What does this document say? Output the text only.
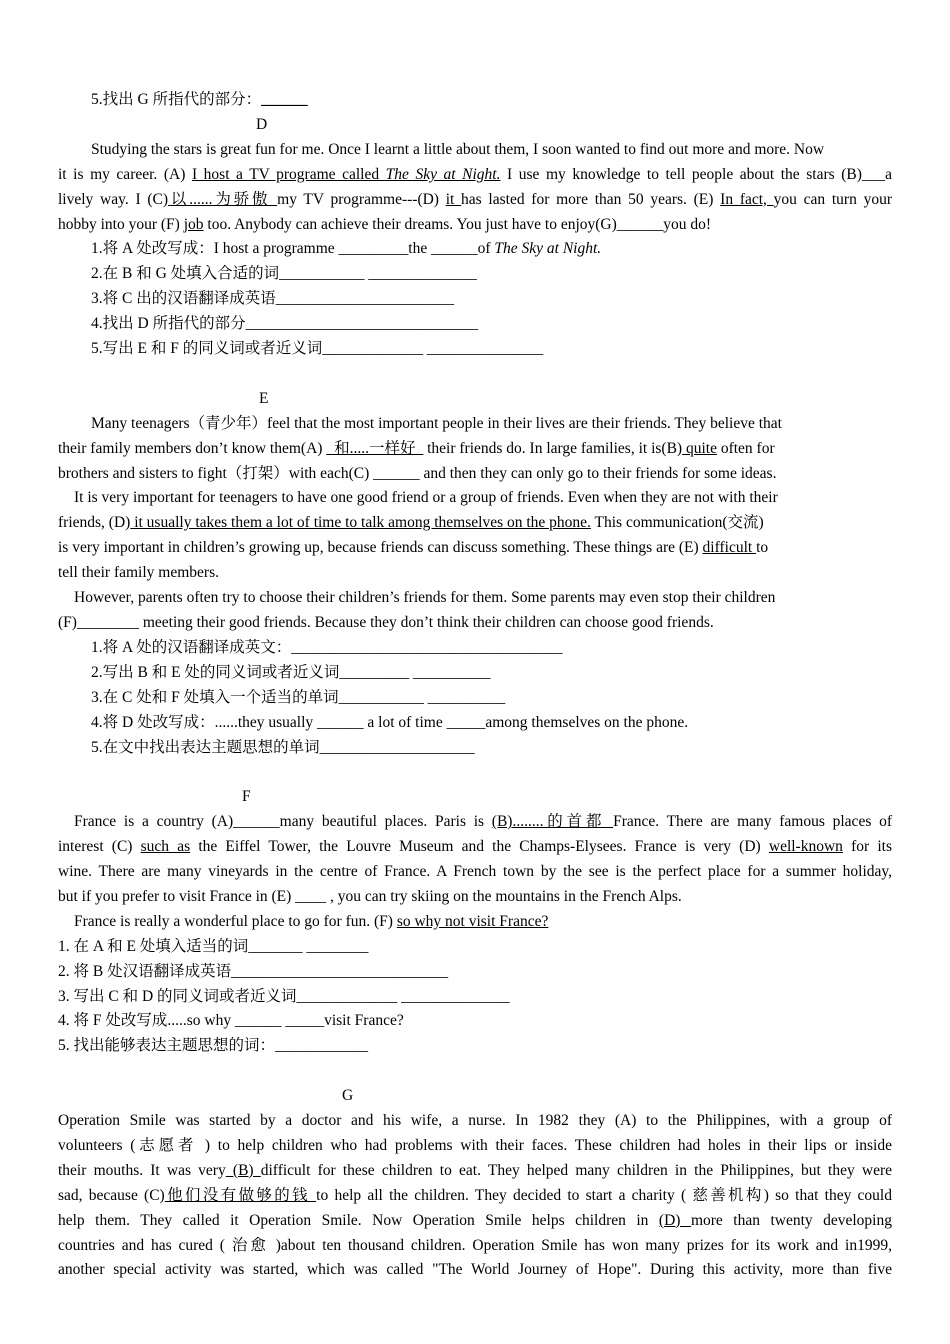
5.找出 G 所指代的部分：______
D
Studying the stars is great fun for me. Once I learnt a little about them, I soon wanted to find out more and more. Now
it is my career. (A) I host a TV programe called The Sky at Night. I use my knowledge to tell people about the stars (B)___a
lively way. I (C)以......为骄傲 my TV programme---(D) it has lasted for more than 50 years. (E) In fact, you can turn your
hobby into your (F) job too. Anybody can achieve their dreams. You just have to enjoy(G)______you do!
1.将 A 处改写成：I host a programme _________the ______of The Sky at Night.
2.在 B 和 G 处填入合适的词___________ ______________
3.将 C 出的汉语翻译成英语_______________________
4.找出 D 所指代的部分______________________________
5.写出 E 和 F 的同义词或者近义词_____________ _______________
E
Many teenagers（青少年）feel that the most important people in their lives are their friends. They believe that
their family members don’t know them(A) _和.....一样好_ their friends do. In large families, it is(B) quite often for
brothers and sisters to fight（打架）with each(C) ______ and then they can only go to their friends for some ideas.
It is very important for teenagers to have one good friend or a group of friends. Even when they are not with their
friends, (D) it usually takes them a lot of time to talk among themselves on the phone. This communication(交流)
is very important in children’s growing up, because friends can discuss something. These things are (E) difficult to
tell their family members.
However, parents often try to choose their children’s friends for them. Some parents may even stop their children
(F)________ meeting their good friends. Because they don’t think their children can choose good friends.
1.将 A 处的汉语翻译成英文：___________________________________
2.写出 B 和 E 处的同义词或者近义词_________ __________
3.在 C 处和 F 处填入一个适当的单词___________ __________
4.将 D 处改写成：......they usually ______ a lot of time _____among themselves on the phone.
5.在文中找出表达主题思想的单词____________________
F
France is a country (A)______many beautiful places. Paris is (B)........的首都 France. There are many famous places of
interest (C) such as the Eiffel Tower, the Louvre Museum and the Champs-Elysees. France is very (D) well-known for its
wine. There are many vineyards in the centre of France. A French town by the see is the perfect place for a summer holiday,
but if you prefer to visit France in (E) ____ , you can try skiing on the mountains in the French Alps.
France is really a wonderful place to go for fun. (F) so why not visit France?
1. 在 A 和 E 处填入适当的词_______ ________
2. 将 B 处汉语翻译成英语____________________________
3. 写出 C 和 D 的同义词或者近义词_____________ ______________
4. 将 F 处改写成.....so why ______ _____visit France?
5. 找出能够表达主题思想的词：____________
G
Operation Smile was started by a doctor and his wife, a nurse. In 1982 they (A) to the Philippines, with a group of
volunteers (志愿者 ) to help children who had problems with their faces. These children had holes in their lips or inside
their mouths. It was very (B) difficult for these children to eat. They helped many children in the Philippines, but they were
sad, because (C)他们没有做够的钱 to help all the children. They decided to start a charity ( 慈善机构) so that they could
help them. They called it Operation Smile. Now Operation Smile helps children in (D) more than twenty developing
countries and has cured ( 治愈 )about ten thousand children. Operation Smile has won many prizes for its work and in1999,
another special activity was started, which was called "The World Journey of Hope". During this activity, more than five
